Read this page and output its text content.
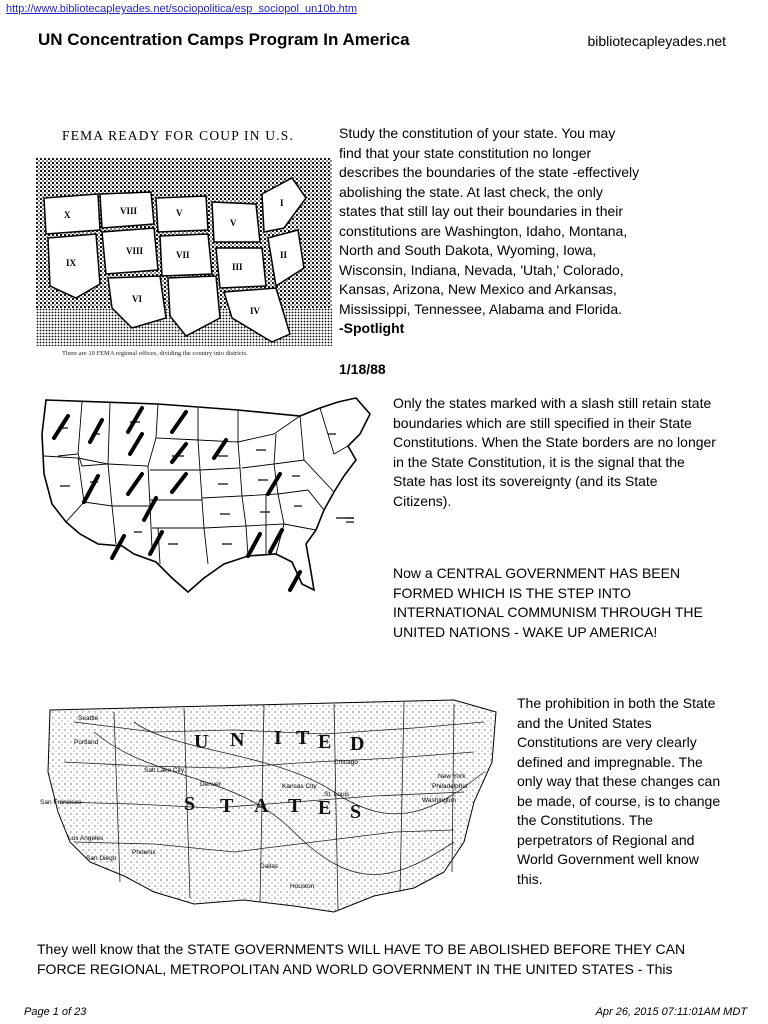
http://www.bibliotecapleyades.net/sociopolitica/esp_sociopol_un10b.htm
UN Concentration Camps Program In America	bibliotecapleyades.net
FEMA READY FOR COUP IN U.S.
X	VIII
IX
VIII
V
VII
VI
V
III
I
II
IV
There are 10 FEMA regional offices, dividing the country into districts.
Study the constitution of your state. You may
find that your state constitution no longer
describes the boundaries of the state -effectively
abolishing the state. At last check, the only
states that still lay out their boundaries in their
constitutions are Washington, Idaho, Montana,
North and South Dakota, Wyoming, Iowa,
Wisconsin, Indiana, Nevada, 'Utah,' Colorado,
Kansas, Arizona, New Mexico and Arkansas,
Mississippi, Tennessee, Alabama and Florida.
-Spotlight
1/18/88
Only the states marked with a slash still retain state
boundaries which are still specified in their State
Constitutions. When the State borders are no longer
in the State Constitution, it is the signal that the
State has lost its sovereignty (and its State
Citizens).
Now a CENTRAL GOVERNMENT HAS BEEN
FORMED WHICH IS THE STEP INTO
INTERNATIONAL COMMUNISM THROUGH THE
UNITED NATIONS - WAKE UP AMERICA!
U N I T E D
S T A T E S
Seattle
Portland
Salt Lake City
Denver
San Francisco
Los Angeles
Phoenix
Dallas
Chicago
New York
Philadelphia
Washington
Kansas City
St. Louis
Houston
San Diego
The prohibition in both the State
and the United States
Constitutions are very clearly
defined and impregnable. The
only way that these changes can
be made, of course, is to change
the Constitutions. The
perpetrators of Regional and
World Government well know
this.
They well know that the STATE GOVERNMENTS WILL HAVE TO BE ABOLISHED BEFORE THEY CAN
FORCE REGIONAL, METROPOLITAN AND WORLD GOVERNMENT IN THE UNITED STATES - This
Page 1 of 23	Apr 26, 2015 07:11:01AM MDT
